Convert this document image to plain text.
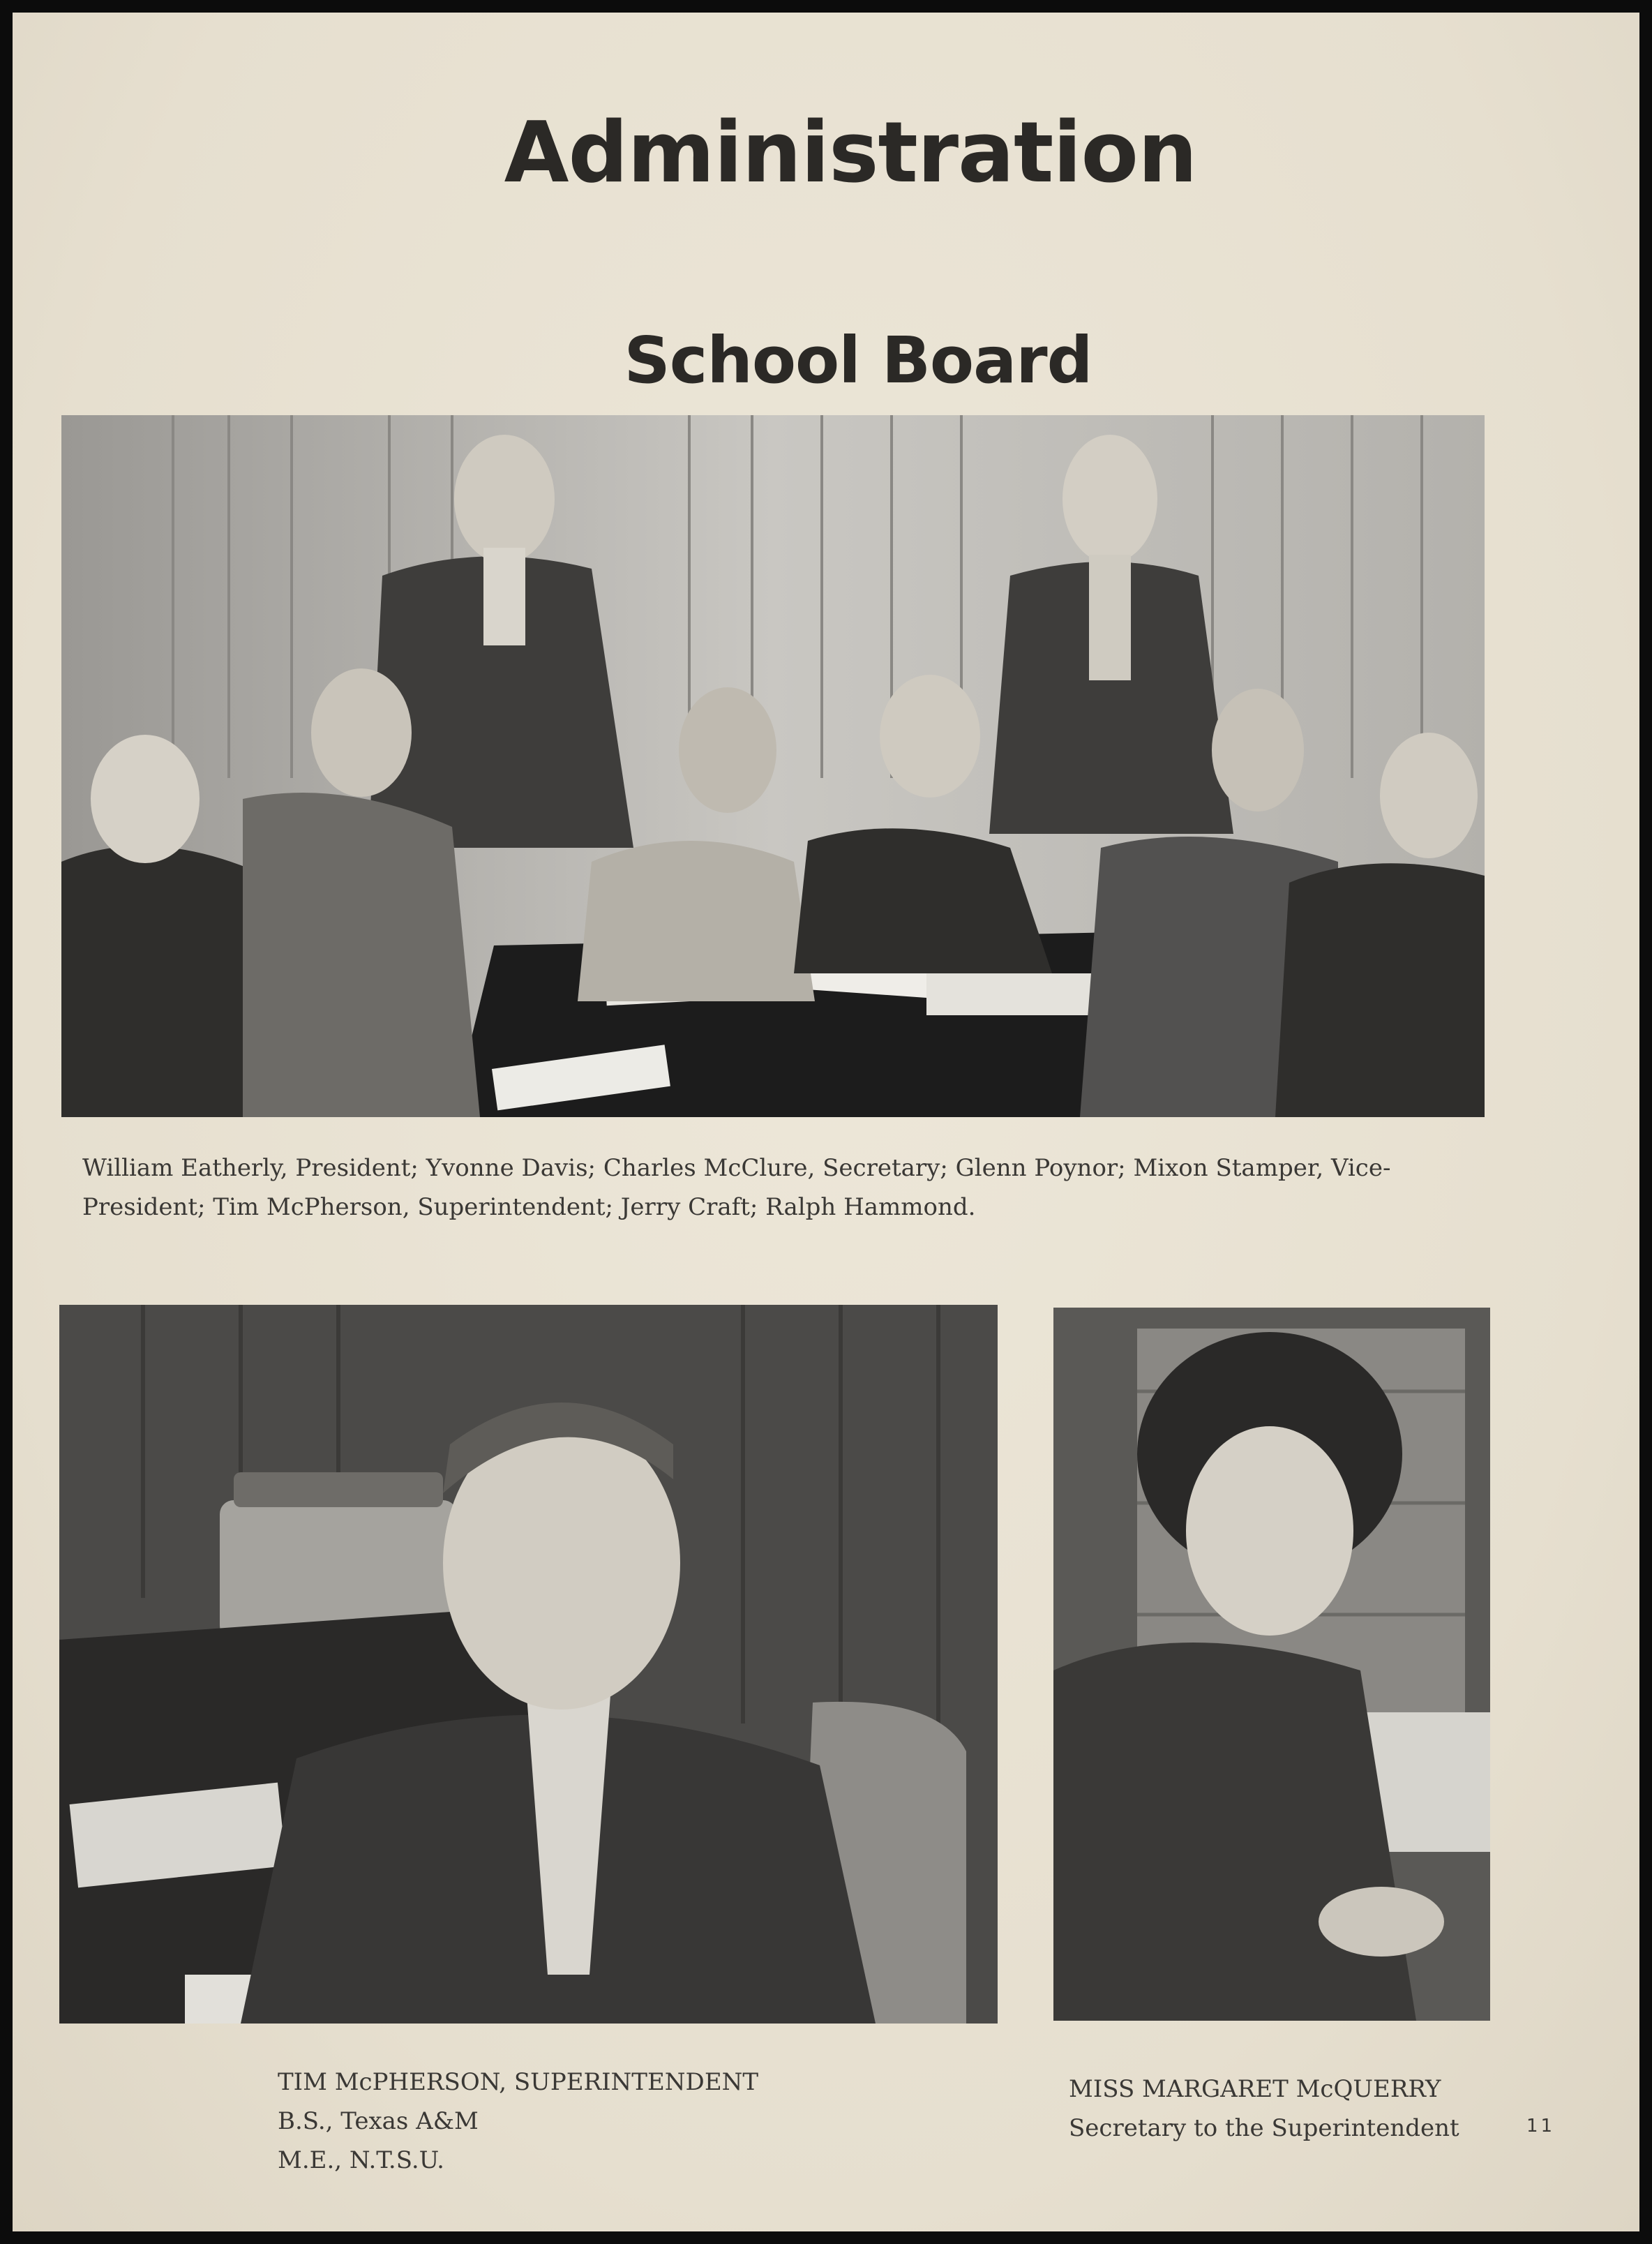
Administration
School Board

William Eatherly, President; Yvonne Davis; Charles McClure, Secretary; Glenn Poynor; Mixon Stamper, Vice-
President; Tim McPherson, Superintendent; Jerry Craft; Ralph Hammond.

TIM McPHERSON, SUPERINTENDENT
B.S., Texas A&M
M.E., N.T.S.U.

MISS MARGARET McQUERRY
Secretary to the Superintendent	11
